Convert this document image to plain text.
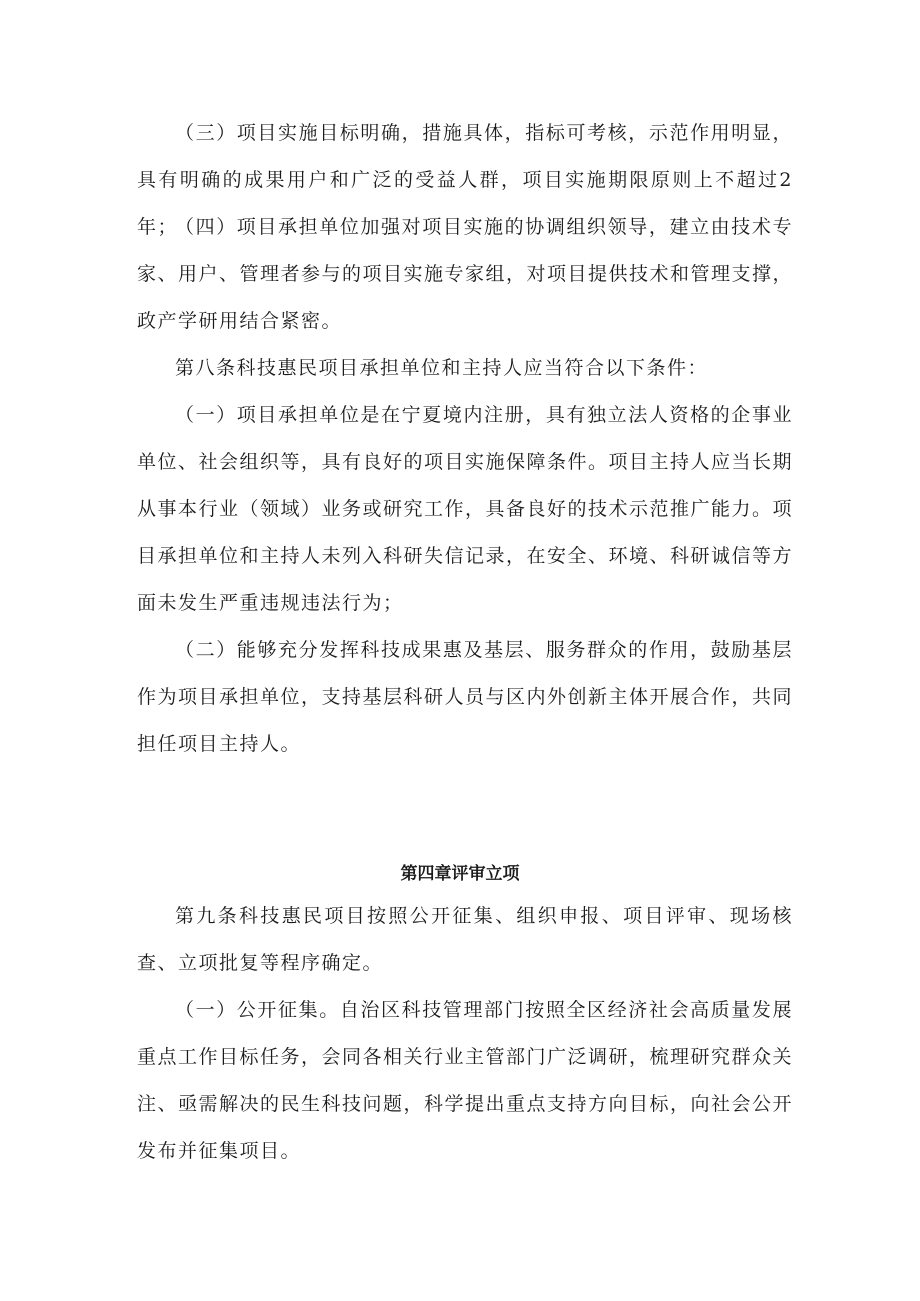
（三）项目实施目标明确，措施具体，指标可考核，示范作用明显，具有明确的成果用户和广泛的受益人群，项目实施期限原则上不超过2年；

（四）项目承担单位加强对项目实施的协调组织领导，建立由技术专家、用户、管理者参与的项目实施专家组，对项目提供技术和管理支撑，政产学研用结合紧密。

第八条科技惠民项目承担单位和主持人应当符合以下条件：

（一）项目承担单位是在宁夏境内注册，具有独立法人资格的企事业单位、社会组织等，具有良好的项目实施保障条件。项目主持人应当长期从事本行业（领域）业务或研究工作，具备良好的技术示范推广能力。项目承担单位和主持人未列入科研失信记录，在安全、环境、科研诚信等方面未发生严重违规违法行为；

（二）能够充分发挥科技成果惠及基层、服务群众的作用，鼓励基层作为项目承担单位，支持基层科研人员与区内外创新主体开展合作，共同担任项目主持人。

第四章评审立项

第九条科技惠民项目按照公开征集、组织申报、项目评审、现场核查、立项批复等程序确定。

（一）公开征集。自治区科技管理部门按照全区经济社会高质量发展重点工作目标任务，会同各相关行业主管部门广泛调研，梳理研究群众关注、亟需解决的民生科技问题，科学提出重点支持方向目标，向社会公开发布并征集项目。
